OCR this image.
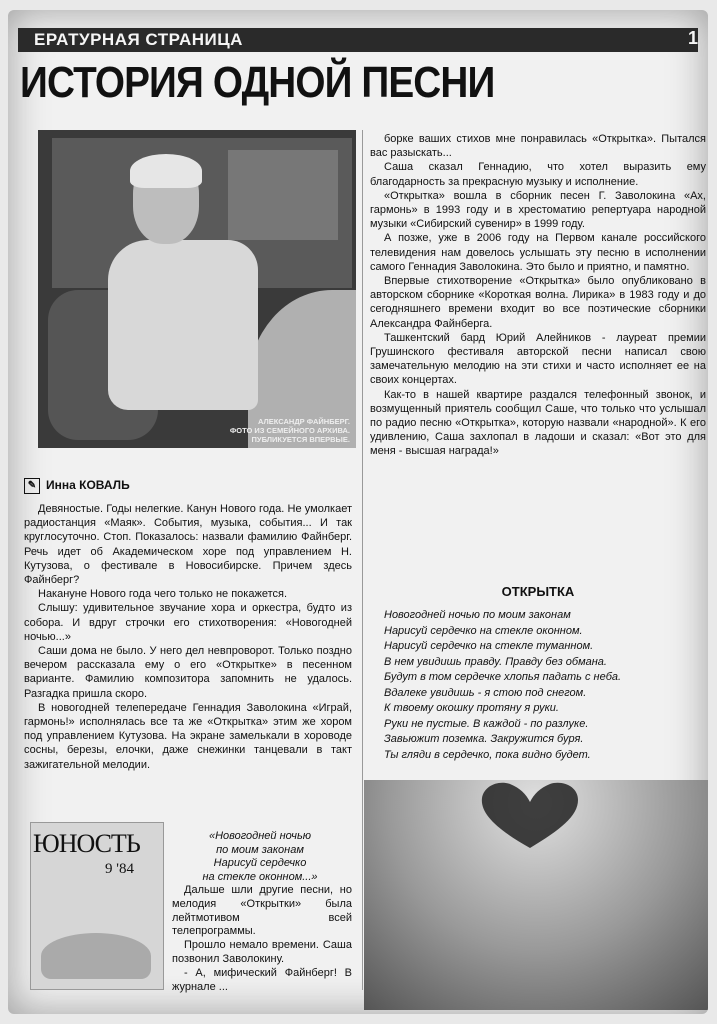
ЕРАТУРНАЯ СТРАНИЦА	1
ИСТОРИЯ ОДНОЙ ПЕСНИ
АЛЕКСАНДР ФАЙНБЕРГ.
ФОТО ИЗ СЕМЕЙНОГО АРХИВА.
ПУБЛИКУЕТСЯ ВПЕРВЫЕ.
✎ Инна КОВАЛЬ

Девяностые. Годы нелегкие. Канун Нового года. Не умолкает радиостанция «Маяк». События, музыка, события... И так круглосуточно. Стоп. Показалось: назвали фамилию Файнберг. Речь идет об Академическом хоре под управлением Н. Кутузова, о фестивале в Новосибирске. Причем здесь Файнберг?

Накануне Нового года чего только не покажется.

Слышу: удивительное звучание хора и оркестра, будто из собора. И вдруг строчки его стихотворения: «Новогодней ночью...»

Саши дома не было. У него дел невпроворот. Только поздно вечером рассказала ему о его «Открытке» в песенном варианте. Фамилию композитора запомнить не удалось. Разгадка пришла скоро.

В новогодней телепередаче Геннадия Заволокина «Играй, гармонь!» исполнялась все та же «Открытка» этим же хором под управлением Кутузова. На экране замелькали в хороводе сосны, березы, елочки, даже снежинки танцевали в такт зажигательной мелодии.

ЮНОСТЬ
9 '84
«Новогодней ночью
по моим законам
Нарисуй сердечко
на стекле оконном...»

Дальше шли другие песни, но мелодия «Открытки» была лейтмотивом всей телепрограммы.

Прошло немало времени. Саша позвонил Заволокину.

- А, мифический Файнберг! В журнале ...

борке ваших стихов мне понравилась «Открытка». Пытался вас разыскать...

Саша сказал Геннадию, что хотел выразить ему благодарность за прекрасную музыку и исполнение.

«Открытка» вошла в сборник песен Г. Заволокина «Ах, гармонь» в 1993 году и в хрестоматию репертуара народной музыки «Сибирский сувенир» в 1999 году.

А позже, уже в 2006 году на Первом канале российского телевидения нам довелось услышать эту песню в исполнении самого Геннадия Заволокина. Это было и приятно, и памятно.

Впервые стихотворение «Открытка» было опубликовано в авторском сборнике «Короткая волна. Лирика» в 1983 году и до сегодняшнего времени входит во все поэтические сборники Александра Файнберга.

Ташкентский бард Юрий Алейников - лауреат премии Грушинского фестиваля авторской песни написал свою замечательную мелодию на эти стихи и часто исполняет ее на своих концертах.

Как-то в нашей квартире раздался телефонный звонок, и возмущенный приятель сообщил Саше, что только что услышал по радио песню «Открытка», которую назвали «народной». К его удивлению, Саша захлопал в ладоши и сказал: «Вот это для меня - высшая награда!»

ОТКРЫТКА
Новогодней ночью по моим законам
Нарисуй сердечко на стекле оконном.
Нарисуй сердечко на стекле туманном.
В нем увидишь правду. Правду без обмана.
Будут в том сердечке хлопья падать с неба.
Вдалеке увидишь - я стою под снегом.
К твоему окошку протяну я руки.
Руки не пустые. В каждой - по разлуке.
Завьюжит поземка. Закружится буря.
Ты гляди в сердечко, пока видно будет.
